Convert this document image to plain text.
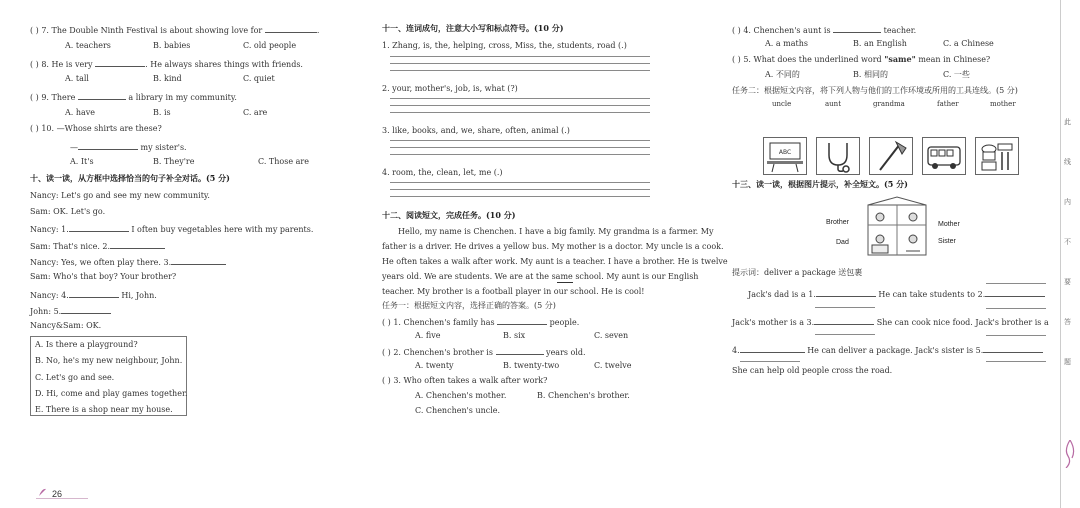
( ) 7. The Double Ninth Festival is about showing love for	.
A. teachers	B. babies	C. old people
( ) 8. He is very	. He always shares things with friends.
A. tall	B. kind	C. quiet
( ) 9. There	a library in my community.
A. have	B. is	C. are
( ) 10. —Whose shirts are these?
—	my sister's.
A. It's	B. They're	C. Those are
十、读一读，从方框中选择恰当的句子补全对话。(5 分)
Nancy: Let's go and see my new community.
Sam: OK. Let's go.
Nancy: 1.	I often buy vegetables here with my parents.
Sam: That's nice. 2.
Nancy: Yes, we often play there. 3.
Sam: Who's that boy? Your brother?
Nancy: 4.	Hi, John.
John: 5.
Nancy&Sam: OK.
A. Is there a playground?
B. No, he's my new neighbour, John.
C. Let's go and see.
D. Hi, come and play games together.
E. There is a shop near my house.
26
十一、连词成句，注意大小写和标点符号。(10 分)
1. Zhang, is, the, helping, cross, Miss, the, students, road (.)
2. your, mother's, job, is, what (?)
3. like, books, and, we, share, often, animal (.)
4. room, the, clean, let, me (.)
十二、阅读短文，完成任务。(10 分)
Hello, my name is Chenchen. I have a big family. My grandma is a farmer. My
father is a driver. He drives a yellow bus. My mother is a doctor. My uncle is a cook.
He often takes a walk after work. My aunt is a teacher. I have a brother. He is twelve
years old. We are students. We are at the same school. My aunt is our English
teacher. My brother is a football player in our school. He is cool!
任务一：根据短文内容，选择正确的答案。(5 分)
( ) 1. Chenchen's family has	people.
A. five	B. six	C. seven
( ) 2. Chenchen's brother is	years old.
A. twenty	B. twenty-two	C. twelve
( ) 3. Who often takes a walk after work?
A. Chenchen's mother.	B. Chenchen's brother.
C. Chenchen's uncle.
( ) 4. Chenchen's aunt is	teacher.
A. a maths	B. an English	C. a Chinese
( ) 5. What does the underlined word "same" mean in Chinese?
A. 不同的	B. 相同的	C. 一些
任务二：根据短文内容，将下列人物与他们的工作环境或所用的工具连线。(5 分)
uncle	aunt	grandma	father	mother
ABC
十三、读一读，根据图片提示，补全短文。(5 分)
Brother	Mother
Dad	Sister
提示词：deliver a package 送包裹
Jack's dad is a 1.	He can take students to 2.
Jack's mother is a 3.	She can cook nice food. Jack's brother is a
4.	He can deliver a package. Jack's sister is 5.
She can help old people cross the road.
此
线
内
不
要
答
题
